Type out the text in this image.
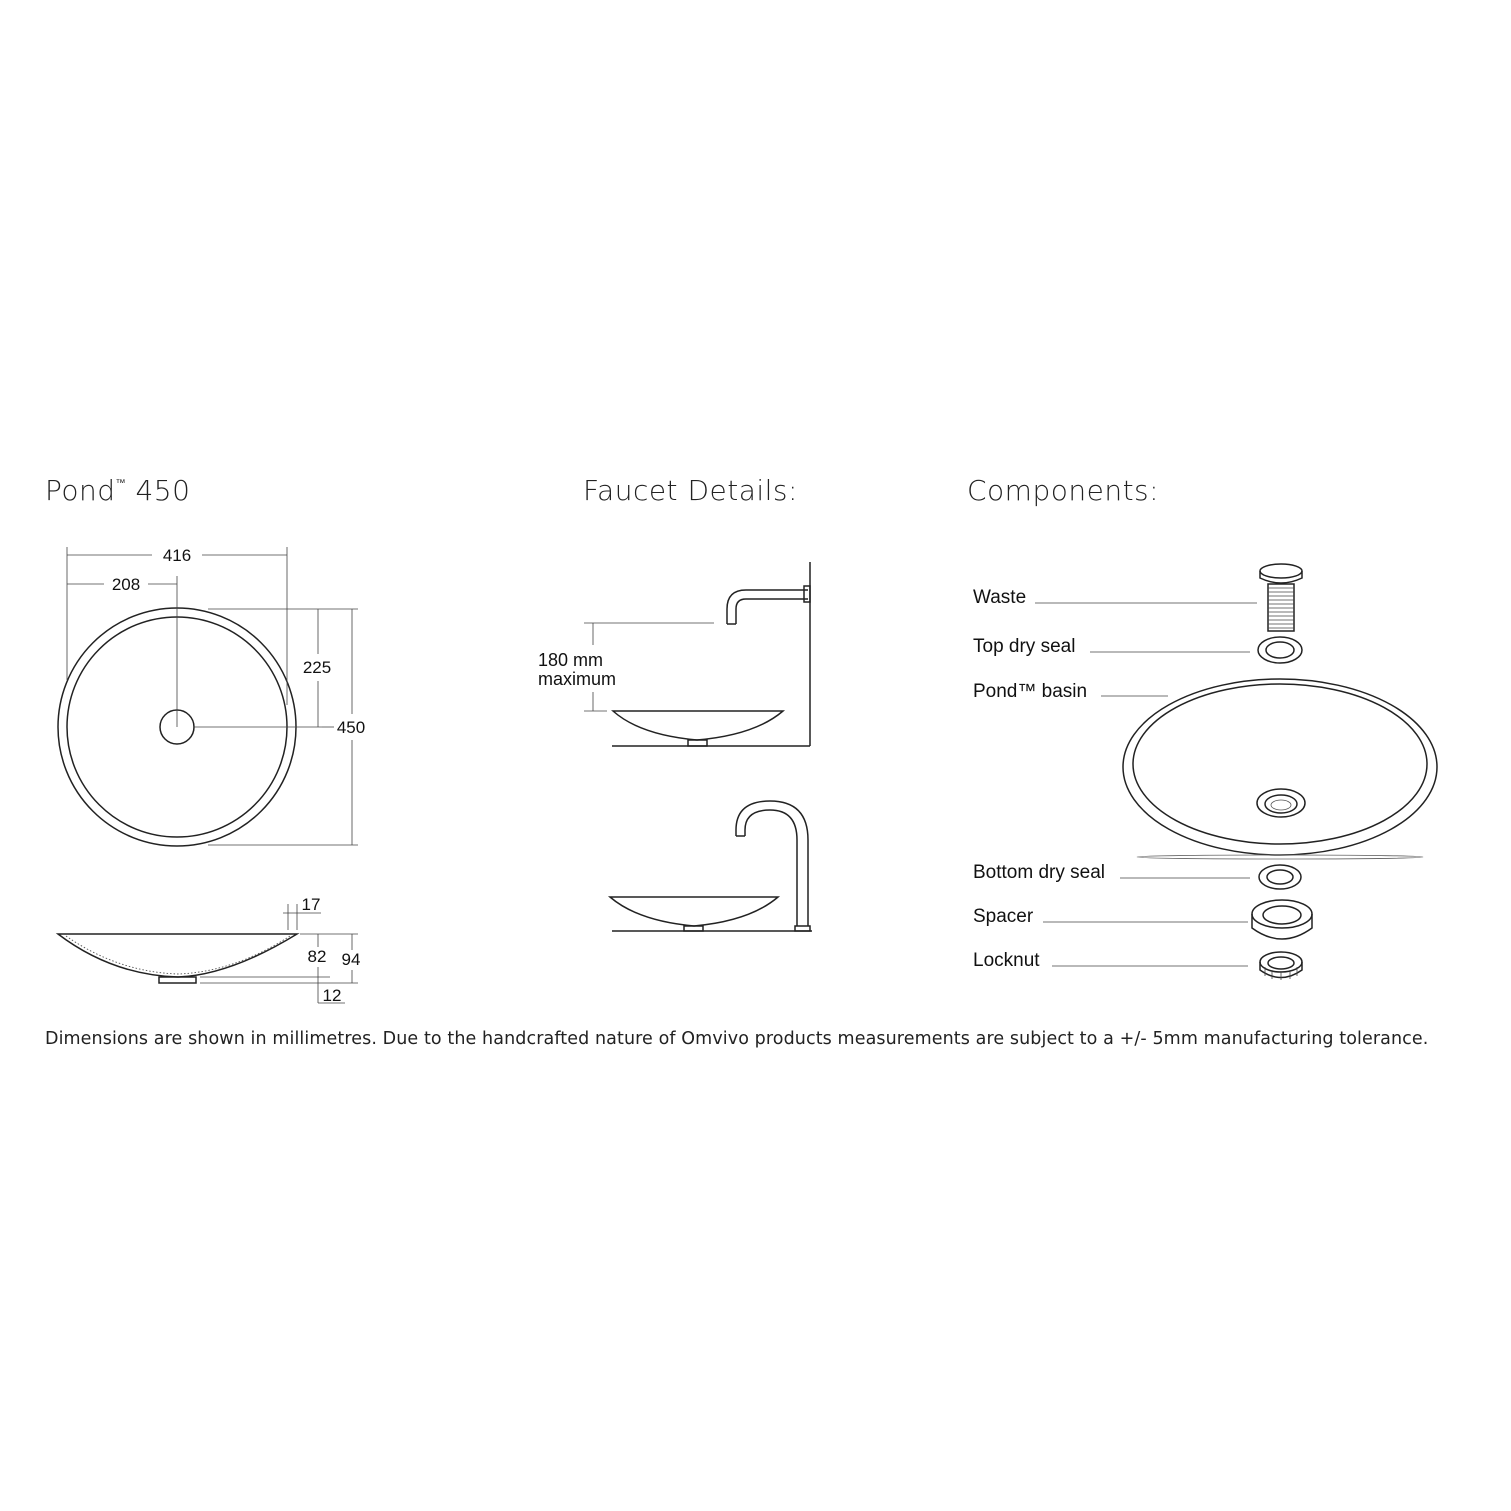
Pond™ 450	Faucet Details:	Components:
416
208
225
450
17
82 94
12
180 mm
maximum
Waste
Top dry seal
Pond™ basin
Bottom dry seal
Spacer
Locknut
Dimensions are shown in millimetres. Due to the handcrafted nature of Omvivo products measurements are subject to a +/- 5mm manufacturing tolerance.
